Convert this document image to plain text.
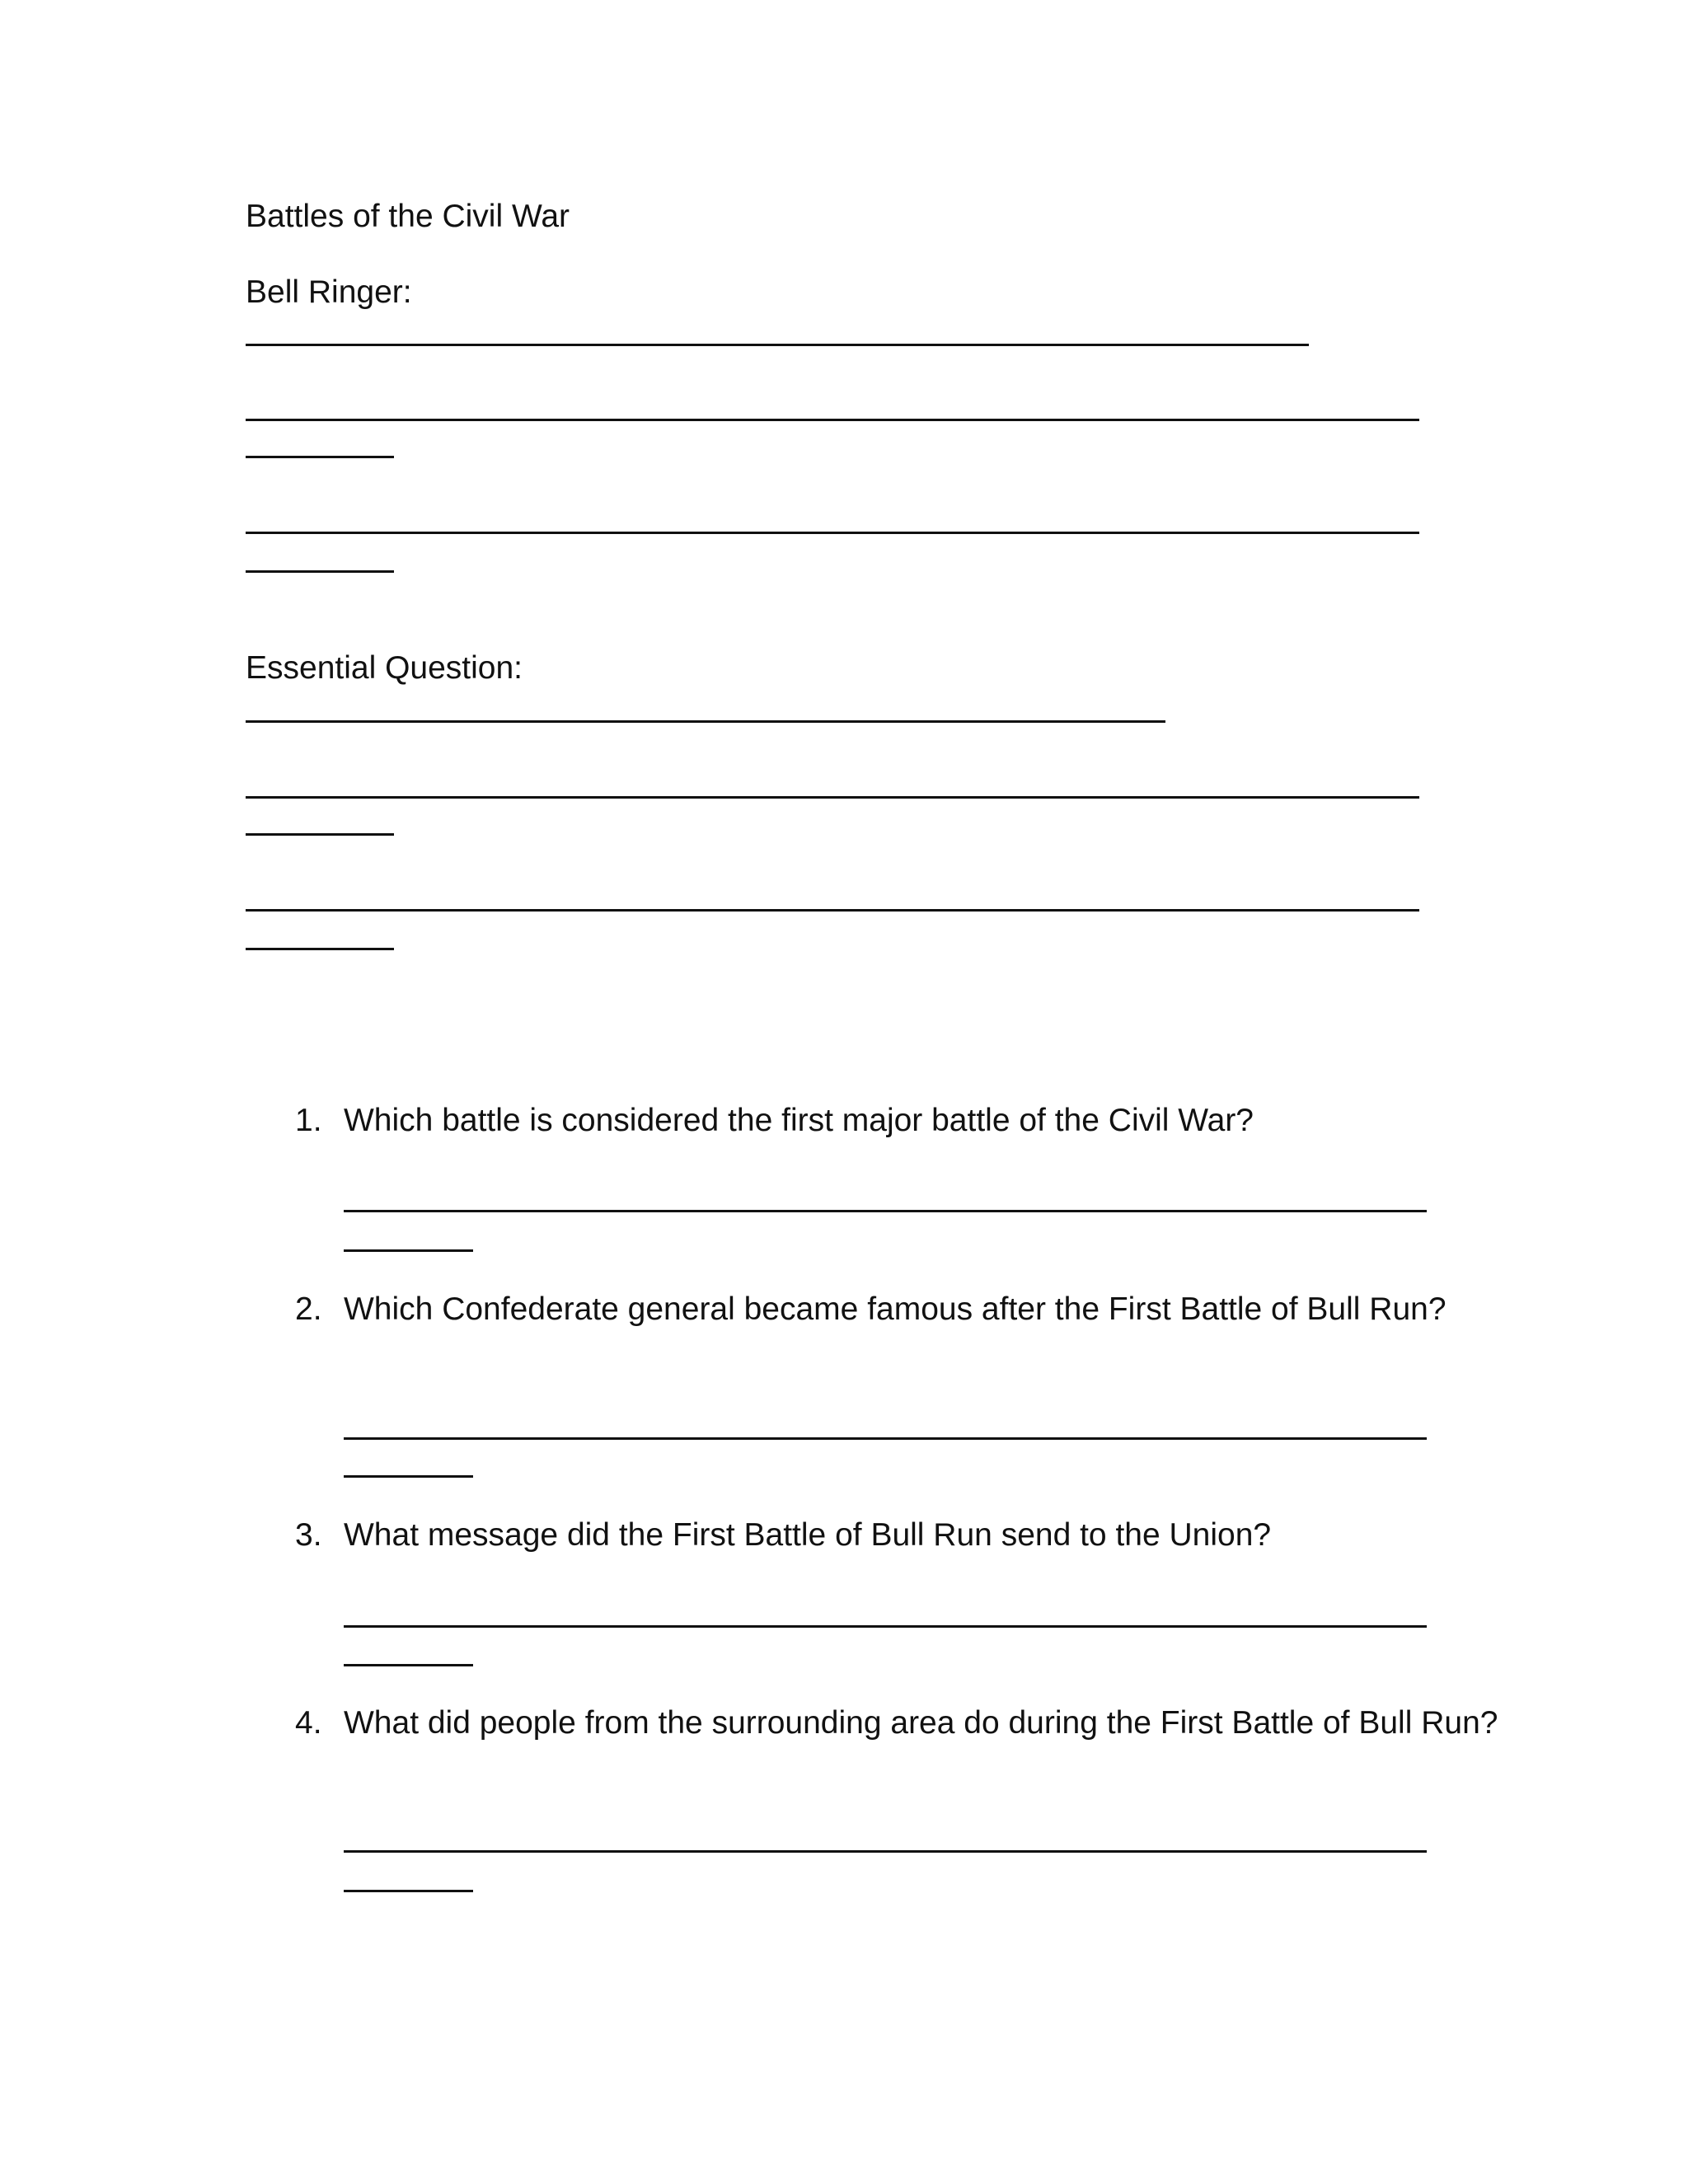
Battles of the Civil War
Bell Ringer:
Essential Question:
1. Which battle is considered the first major battle of the Civil War?
2. Which Confederate general became famous after the First Battle of Bull Run?
3. What message did the First Battle of Bull Run send to the Union?
4. What did people from the surrounding area do during the First Battle of Bull Run?
